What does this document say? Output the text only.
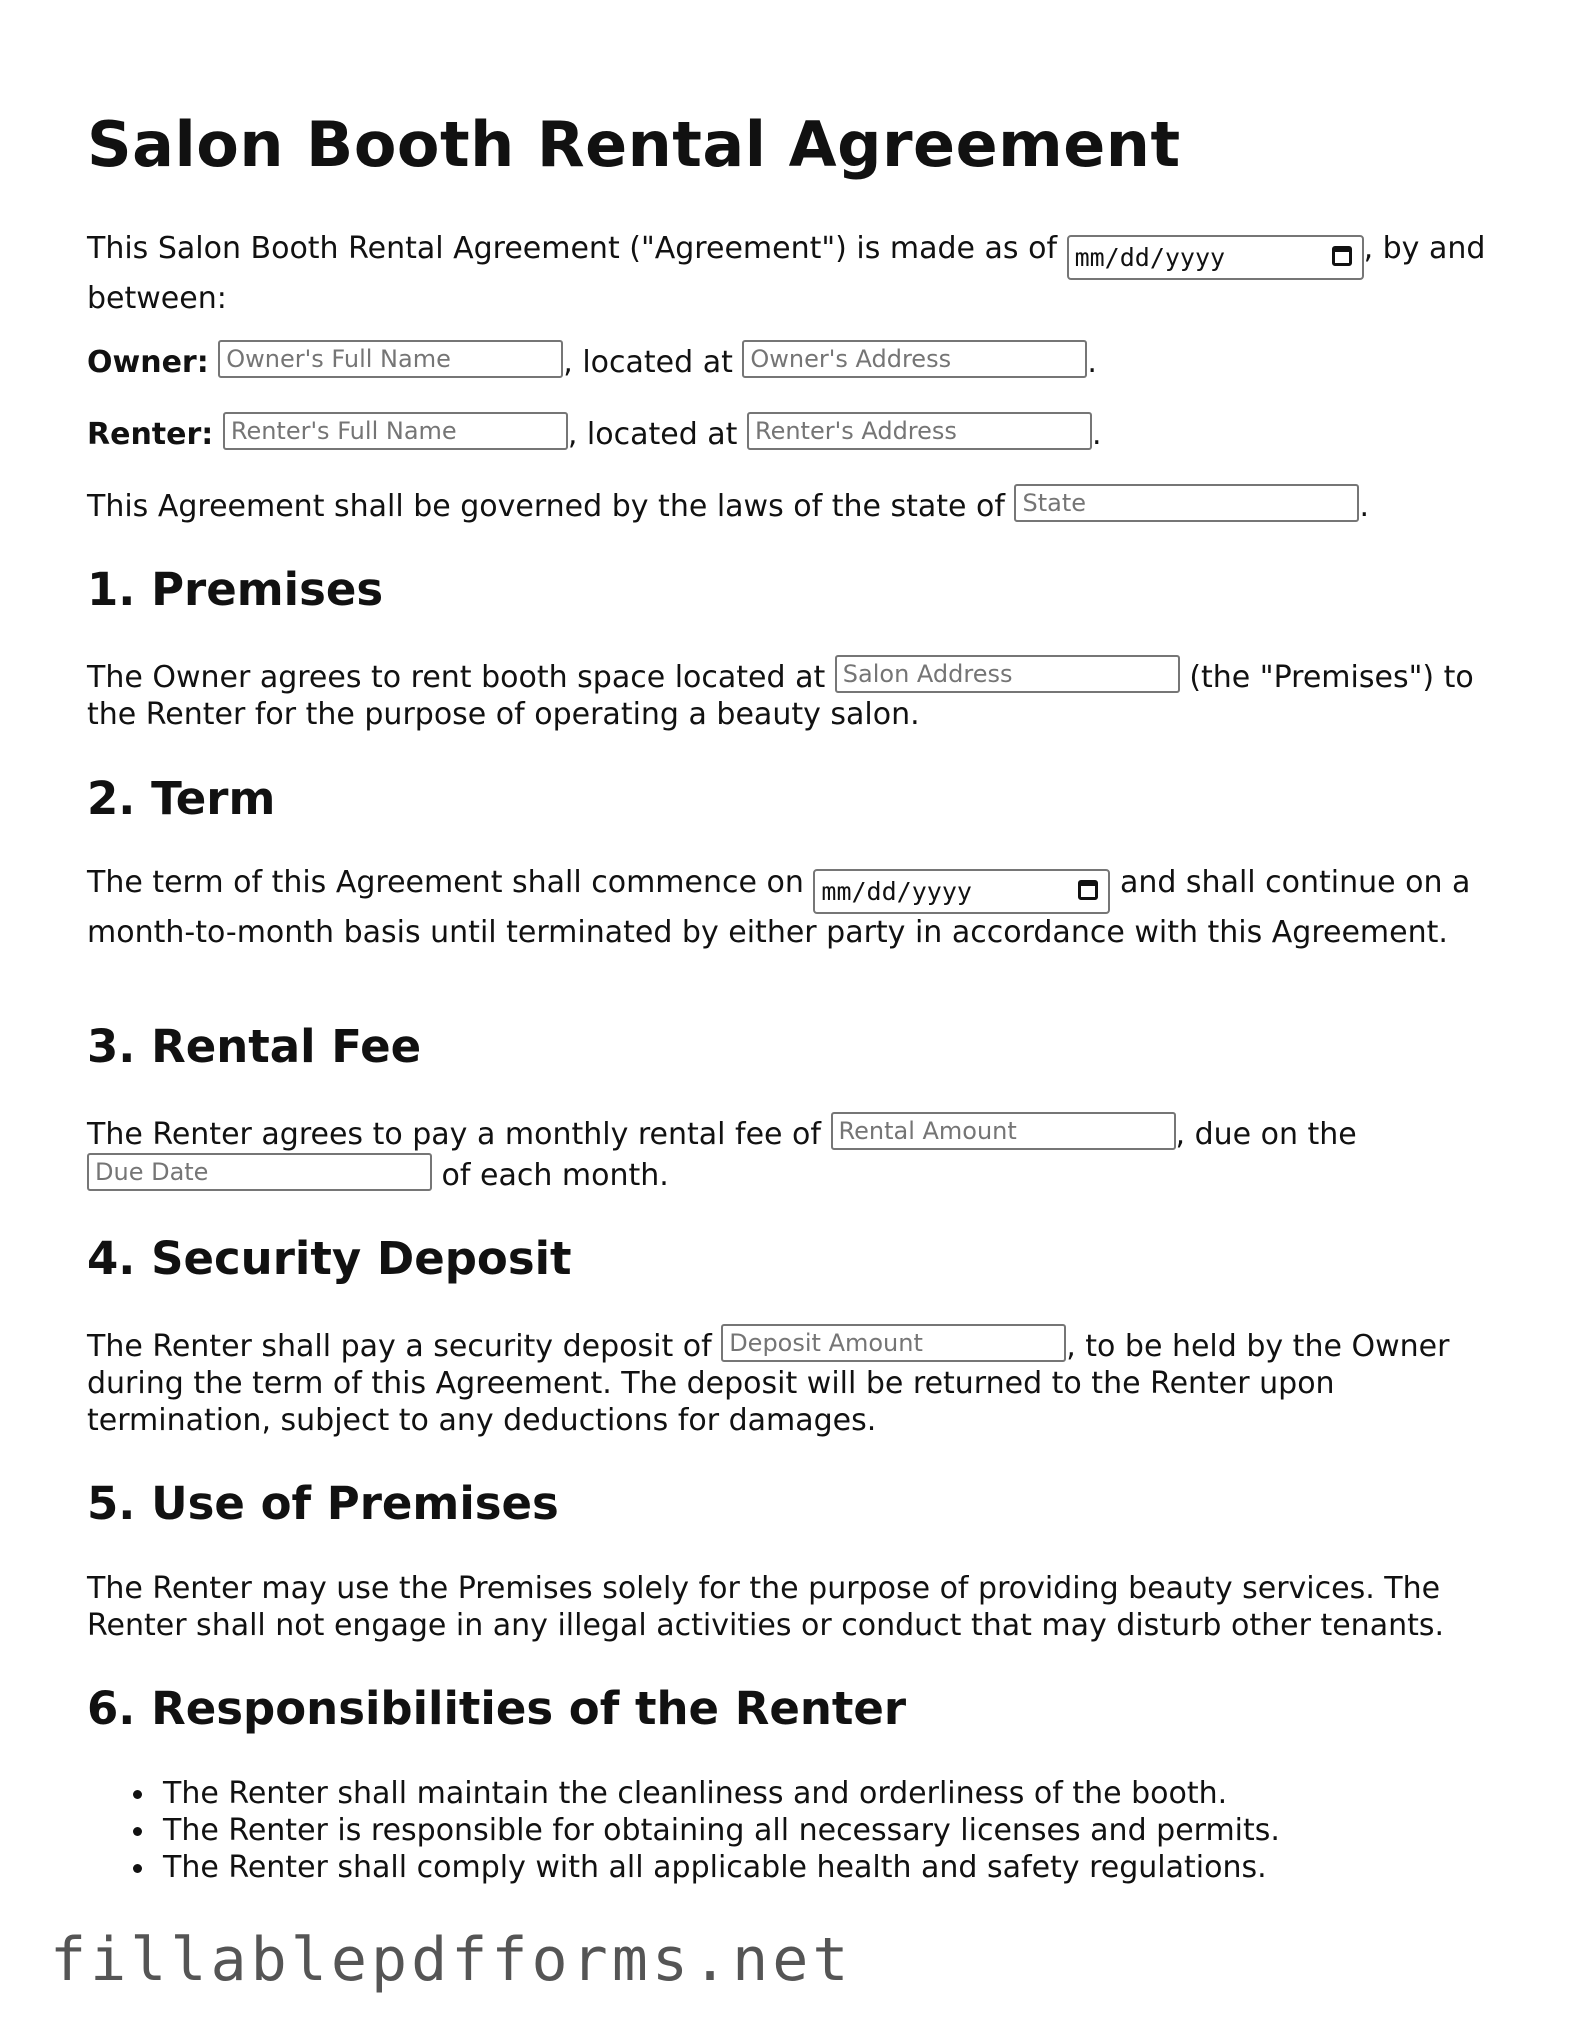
Salon Booth Rental Agreement

This Salon Booth Rental Agreement ("Agreement") is made as of mm/dd/yyyy	, by and between:

Owner: Owner's Full Name	, located at Owner's Address	.
Renter: Renter's Full Name	, located at Renter's Address	.
This Agreement shall be governed by the laws of the state of State	.
1. Premises

The Owner agrees to rent booth space located at Salon Address	(the "Premises") to the Renter for the purpose of operating a beauty salon.

2. Term

The term of this Agreement shall commence on mm/dd/yyyy	and shall continue on a month-to-month basis until terminated by either party in accordance with this Agreement.

3. Rental Fee

The Renter agrees to pay a monthly rental fee of Rental Amount	, due on the Due Date	of each month.

4. Security Deposit

The Renter shall pay a security deposit of Deposit Amount	, to be held by the Owner during the term of this Agreement. The deposit will be returned to the Renter upon termination, subject to any deductions for damages.

5. Use of Premises

The Renter may use the Premises solely for the purpose of providing beauty services. The Renter shall not engage in any illegal activities or conduct that may disturb other tenants.

6. Responsibilities of the Renter
The Renter shall maintain the cleanliness and orderliness of the booth.
The Renter is responsible for obtaining all necessary licenses and permits.
The Renter shall comply with all applicable health and safety regulations.
fillablepdfforms.net
